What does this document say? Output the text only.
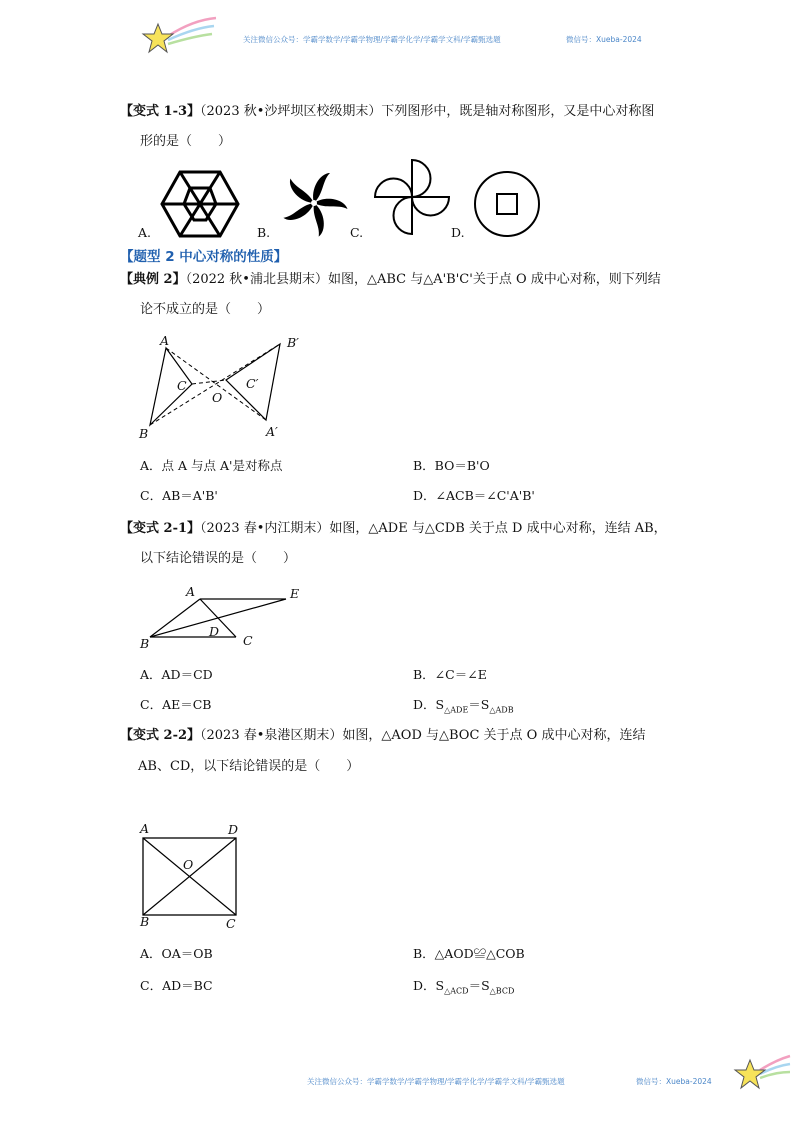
关注微信公众号：学霸学数学/学霸学物理/学霸学化学/学霸学文科/学霸甄选题	微信号：Xueba-2024
【变式 1-3】（2023 秋•沙坪坝区校级期末）下列图形中，既是轴对称图形，又是中心对称图
形的是（　　）
A.	B.	C.	D.
【题型 2 中心对称的性质】
【典例 2】（2022 秋•浦北县期末）如图，△ABC 与△A'B'C'关于点 O 成中心对称，则下列结
论不成立的是（　　）
A
B
C
O
C′
B′
A′
A．点 A 与点 A'是对称点	B．BO＝B'O
C．AB＝A'B'	D．∠ACB＝∠C'A'B'
【变式 2-1】（2023 春•内江期末）如图，△ADE 与△CDB 关于点 D 成中心对称，连结 AB，
以下结论错误的是（　　）
A	E
B
D
C
A．AD＝CD	B．∠C＝∠E
C．AE＝CB	D．$S_{\triangle ADE}=S_{\triangle ADB}$
【变式 2-2】（2023 春•泉港区期末）如图，△AOD 与△BOC 关于点 O 成中心对称，连结
AB、CD，以下结论错误的是（　　）
A	D
O
B	C
A．OA＝OB	B．△AOD≌△COB
C．AD＝BC	D．$S_{\triangle ACD}=S_{\triangle BCD}$
关注微信公众号：学霸学数学/学霸学物理/学霸学化学/学霸学文科/学霸甄选题	微信号：Xueba-2024
